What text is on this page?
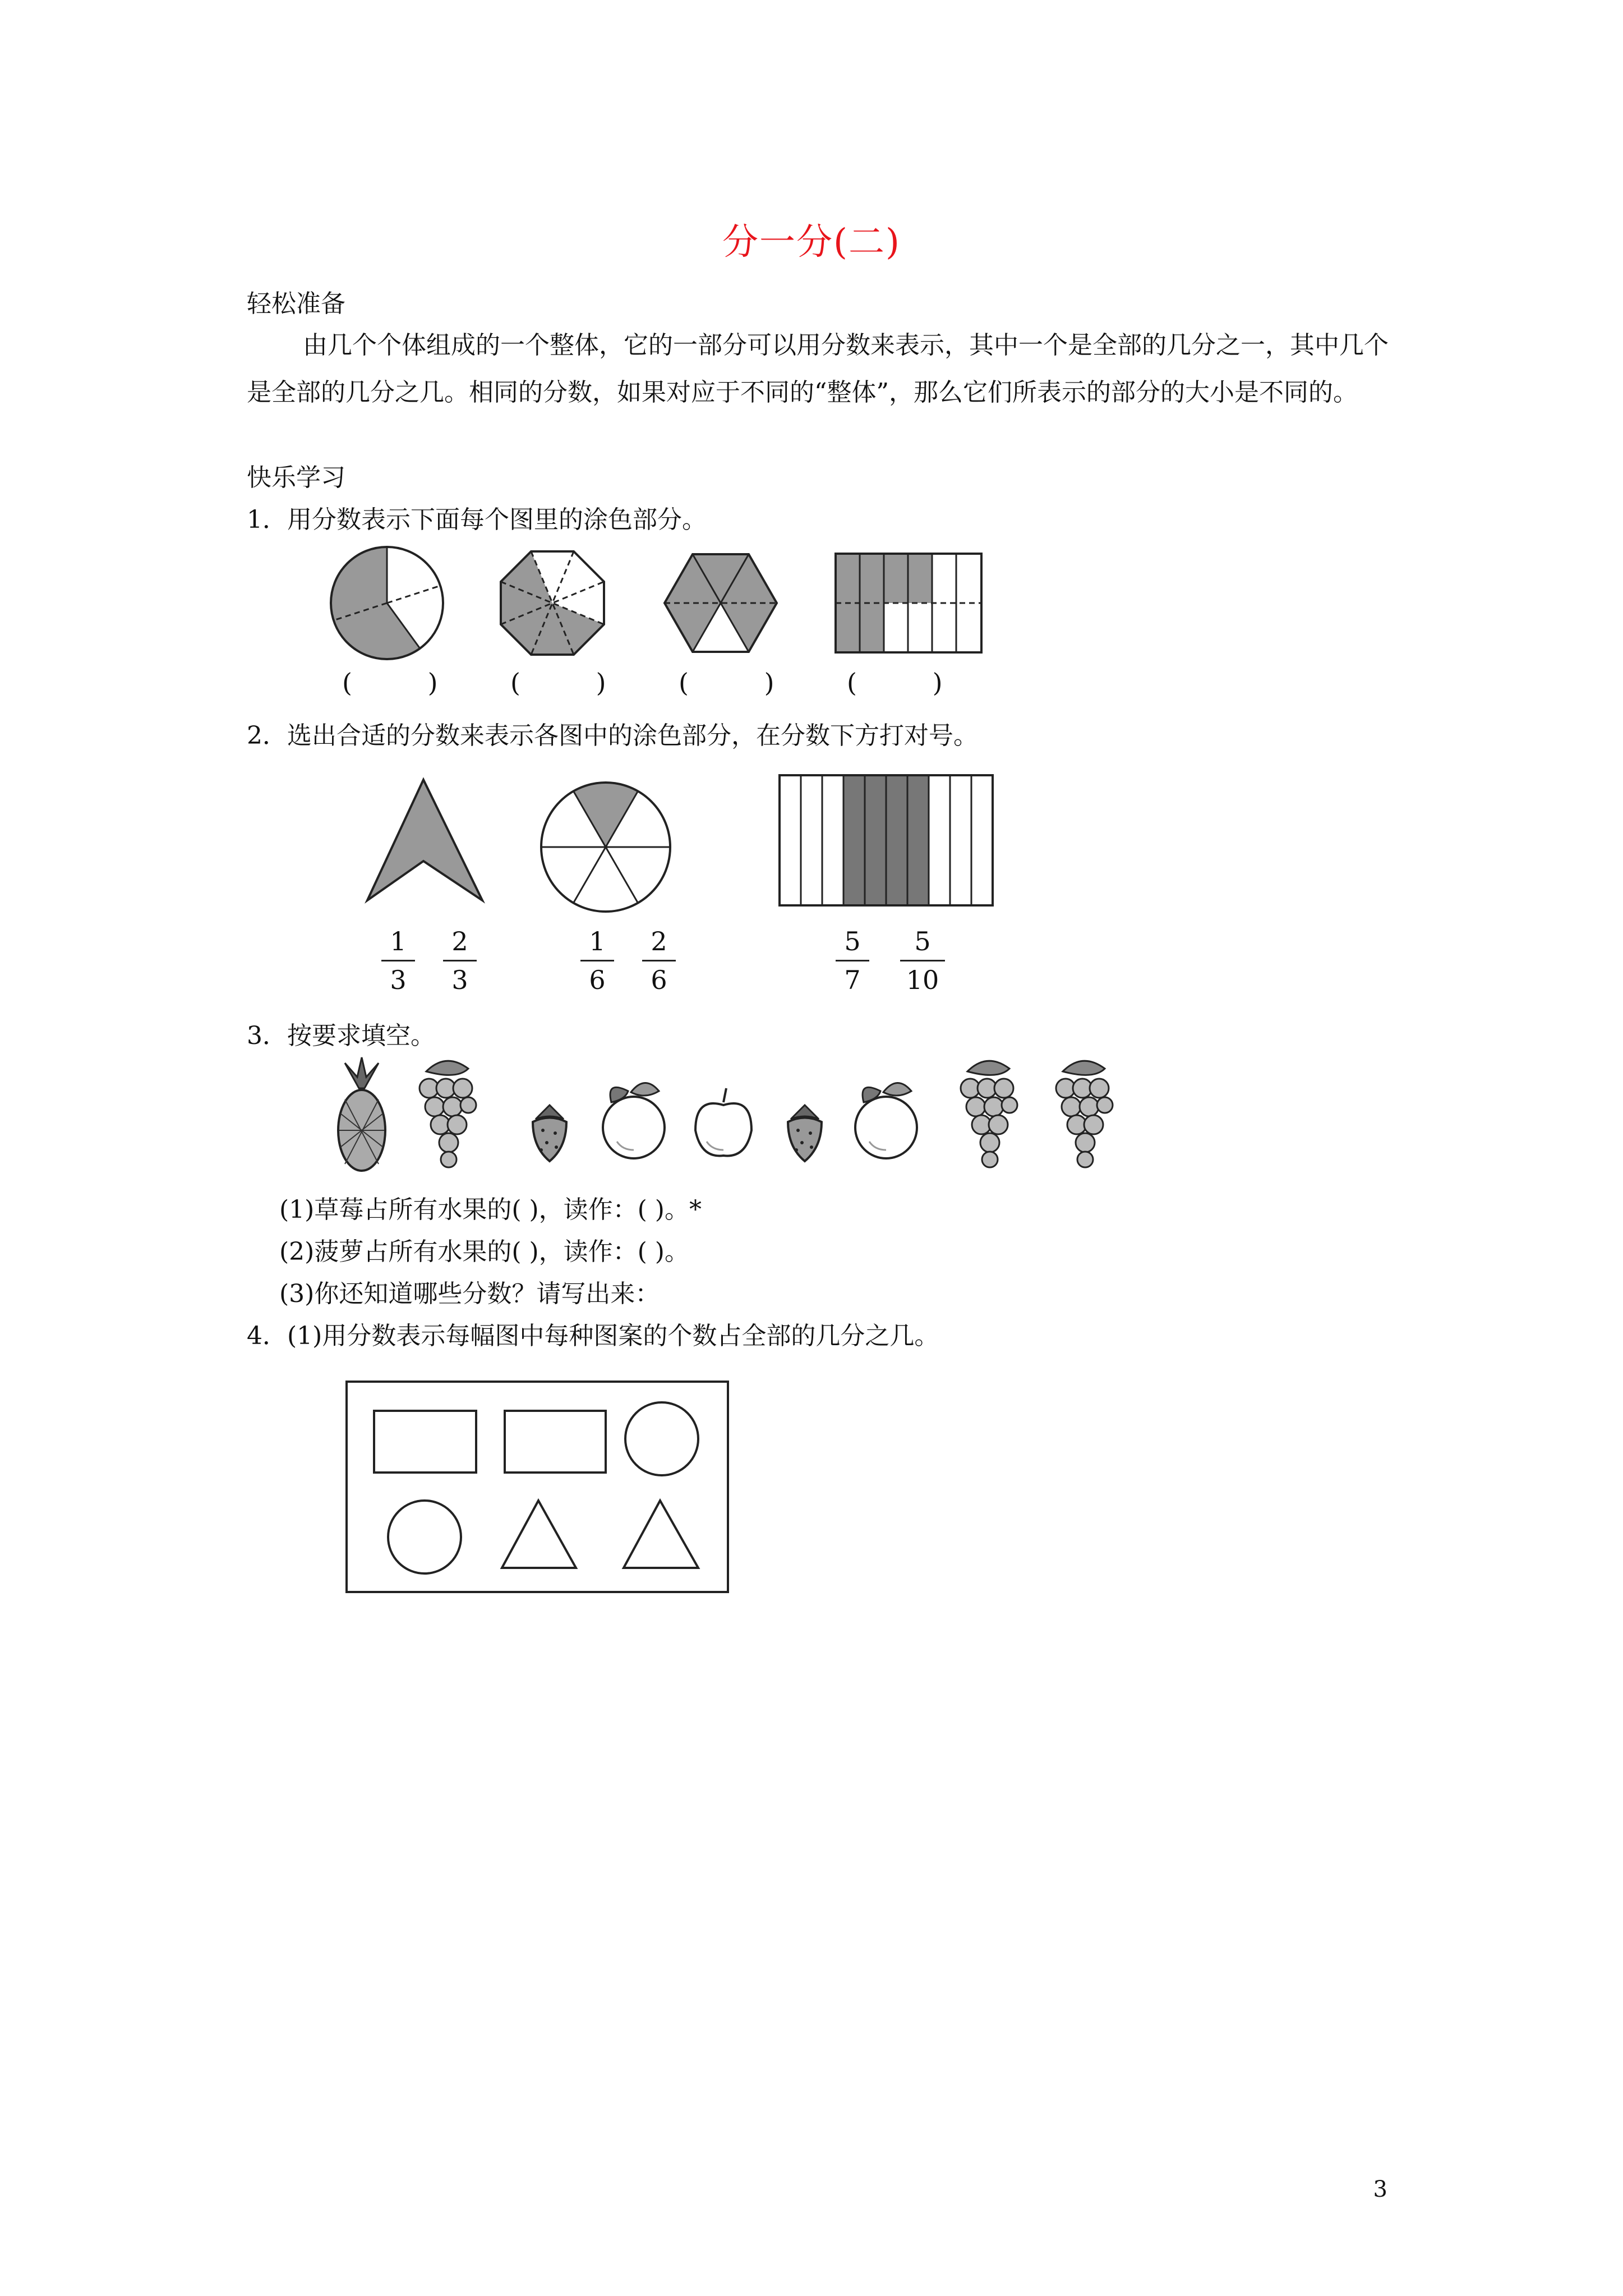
分一分(二)
轻松准备
由几个个体组成的一个整体，它的一部分可以用分数来表示，其中一个是全部的几分之一，其中几个是全部的几分之几。相同的分数，如果对应于不同的“整体”，那么它们所表示的部分的大小是不同的。
快乐学习
1．用分数表示下面每个图里的涂色部分。
( ) ( ) ( ) ( )
2．选出合适的分数来表示各图中的涂色部分，在分数下方打对号。
1
3
2
3
1
6
2
6
5
7
5
10
3．按要求填空。
(1)草莓占所有水果的( )，读作：( )。*
(2)菠萝占所有水果的( )，读作：( )。
(3)你还知道哪些分数？请写出来：
4．(1)用分数表示每幅图中每种图案的个数占全部的几分之几。
3
